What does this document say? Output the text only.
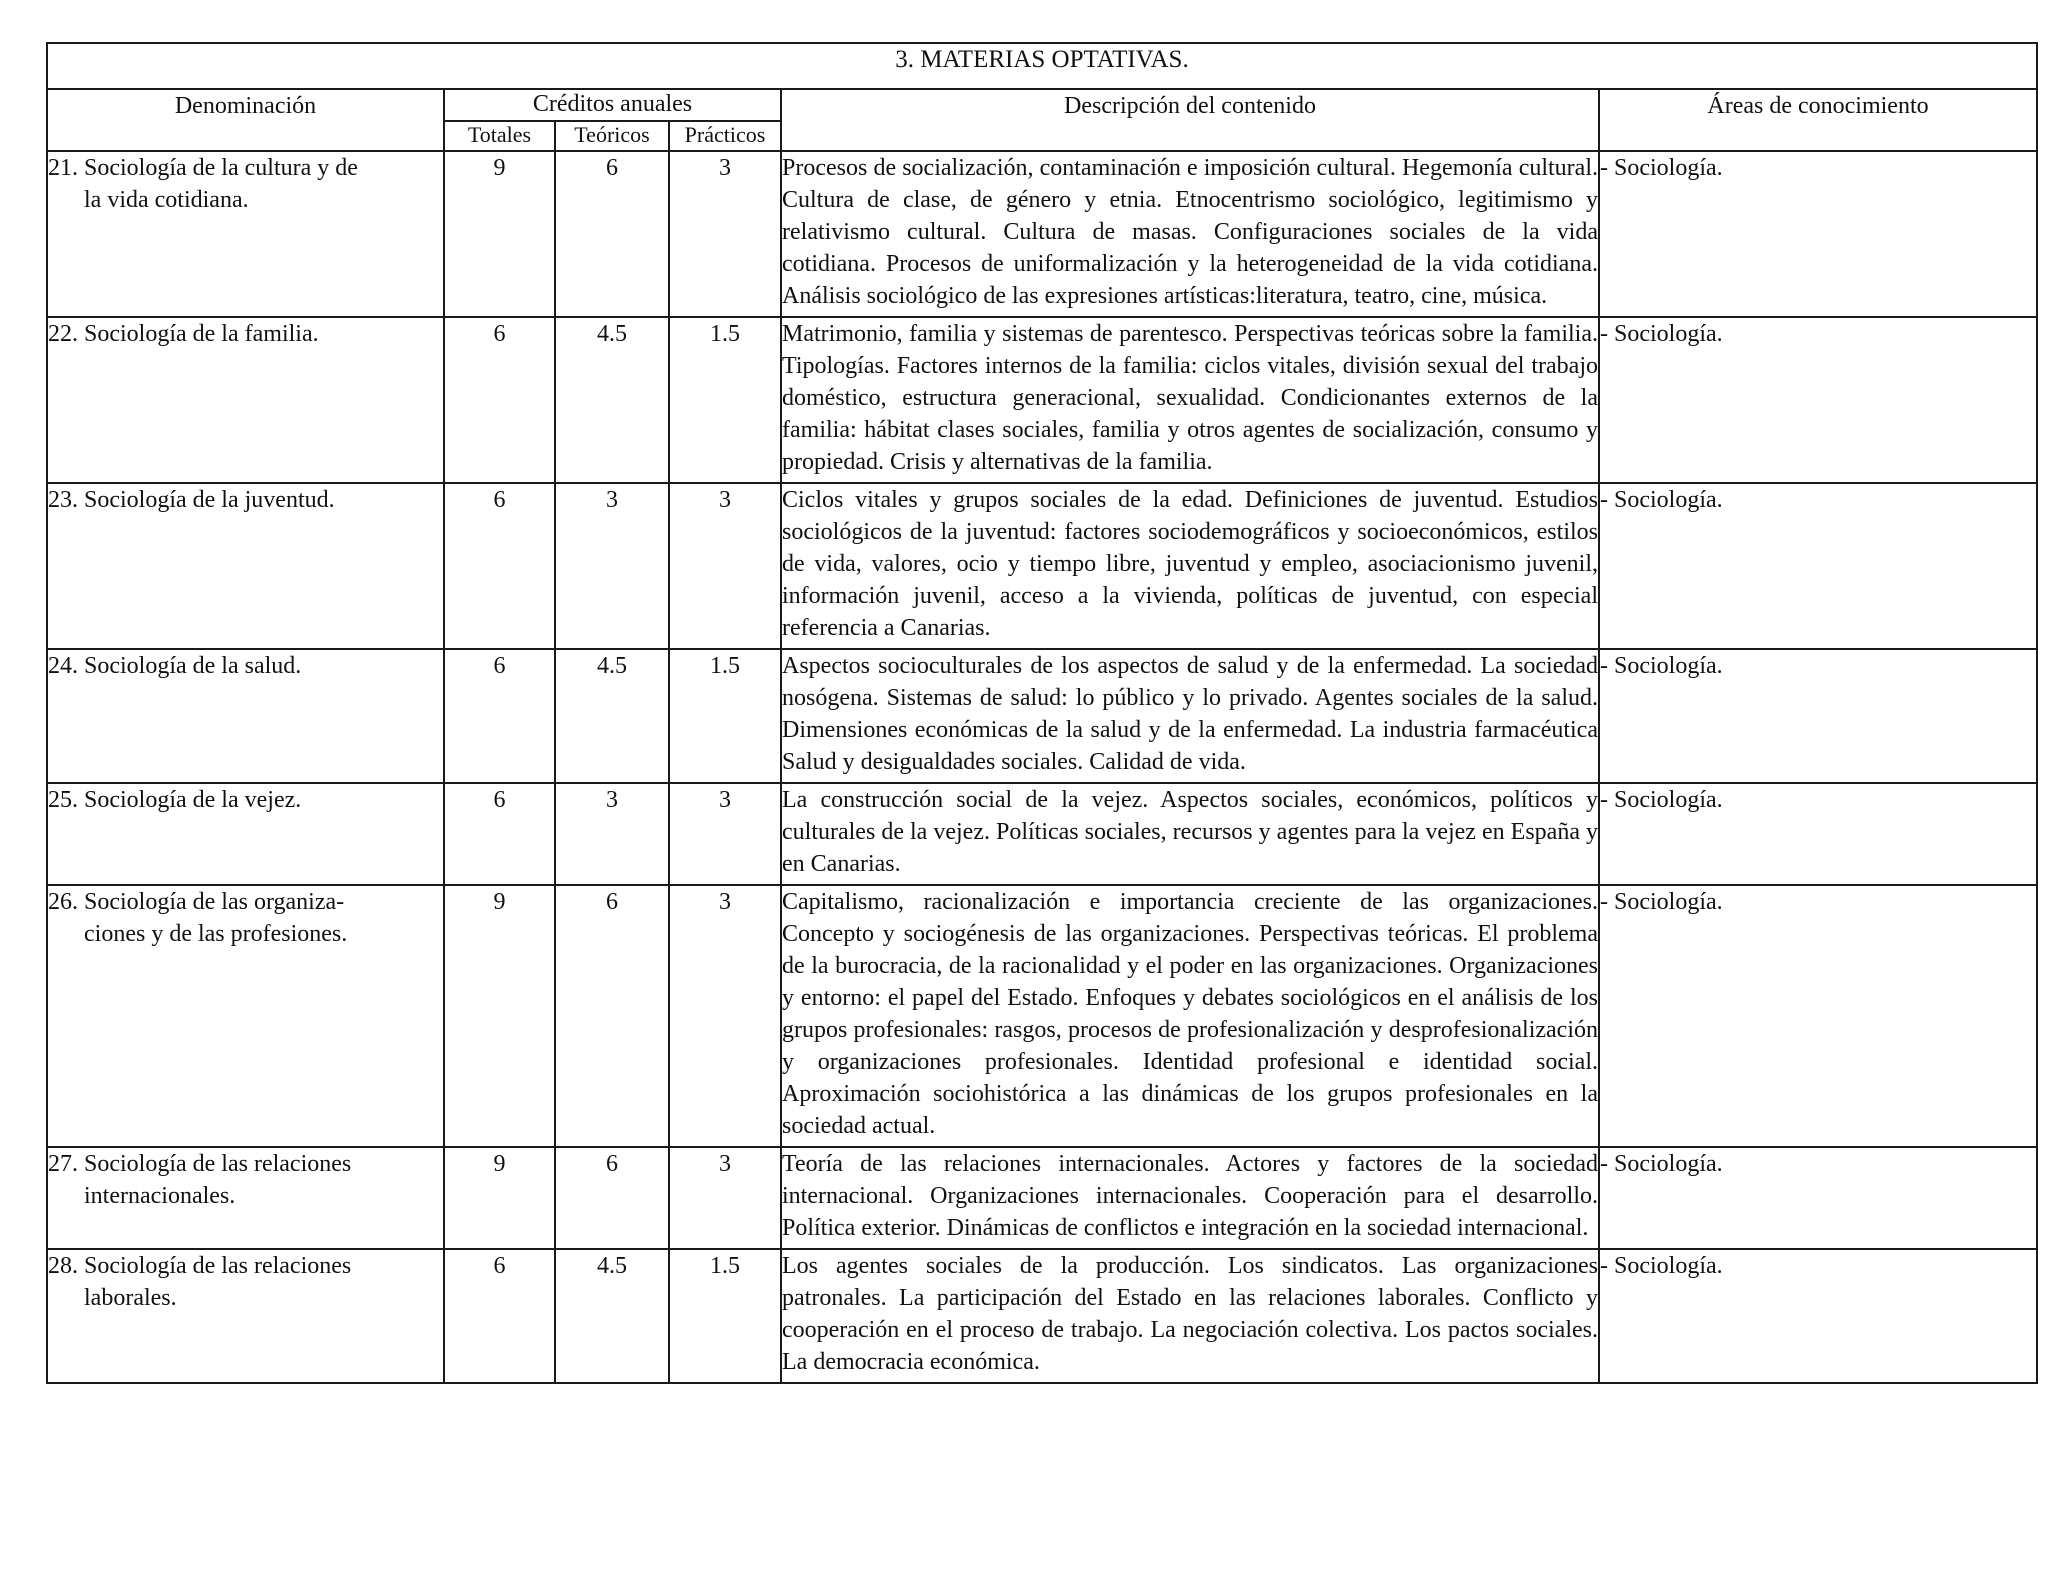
3. MATERIAS OPTATIVAS.					
Denominación	Créditos anuales			Descripción del contenido	Áreas de conocimiento
	Totales	Teóricos	Prácticos		
21. Sociología de la cultura y de
la vida cotidiana.	9	6	3	Procesos de socialización, contaminación e imposición cultural. Hegemonía cultural. Cultura de clase, de género y etnia. Etnocentrismo sociológico, legitimismo y relativismo cultural. Cultura de masas. Configuraciones sociales de la vida cotidiana. Procesos de uniformalización y la heterogeneidad de la vida cotidiana. Análisis sociológico de las expresiones artísticas:literatura, teatro, cine, música.	- Sociología.
22. Sociología de la familia.	6	4.5	1.5	Matrimonio, familia y sistemas de parentesco. Perspectivas teóricas sobre la familia. Tipologías. Factores internos de la familia: ciclos vitales, división sexual del trabajo doméstico, estructura generacional, sexualidad. Condicionantes externos de la familia: hábitat clases sociales, familia y otros agentes de socialización, consumo y propiedad. Crisis y alternativas de la familia.	- Sociología.
23. Sociología de la juventud.	6	3	3	Ciclos vitales y grupos sociales de la edad. Definiciones de juventud. Estudios sociológicos de la juventud: factores sociodemográficos y socioeconómicos, estilos de vida, valores, ocio y tiempo libre, juventud y empleo, asociacionismo juvenil, información juvenil, acceso a la vivienda, políticas de juventud, con especial referencia a Canarias.	- Sociología.
24. Sociología de la salud.	6	4.5	1.5	Aspectos socioculturales de los aspectos de salud y de la enfermedad. La sociedad nosógena. Sistemas de salud: lo público y lo privado. Agentes sociales de la salud. Dimensiones económicas de la salud y de la enfermedad. La industria farmacéutica Salud y desigualdades sociales. Calidad de vida.	- Sociología.
25. Sociología de la vejez.	6	3	3	La construcción social de la vejez. Aspectos sociales, económicos, políticos y culturales de la vejez. Políticas sociales, recursos y agentes para la vejez en España y en Canarias.	- Sociología.
26. Sociología de las organiza-
ciones y de las profesiones.	9	6	3	Capitalismo, racionalización e importancia creciente de las organizaciones. Concepto y sociogénesis de las organizaciones. Perspectivas teóricas. El problema de la burocracia, de la racionalidad y el poder en las organizaciones. Organizaciones y entorno: el papel del Estado. Enfoques y debates sociológicos en el análisis de los grupos profesionales: rasgos, procesos de profesionalización y desprofesionalización y organizaciones profesionales. Identidad profesional e identidad social. Aproximación sociohistórica a las dinámicas de los grupos profesionales en la sociedad actual.	- Sociología.
27. Sociología de las relaciones
internacionales.	9	6	3	Teoría de las relaciones internacionales. Actores y factores de la sociedad internacional. Organizaciones internacionales. Cooperación para el desarrollo. Política exterior. Dinámicas de conflictos e integración en la sociedad internacional.	- Sociología.
28. Sociología de las relaciones
laborales.	6	4.5	1.5	Los agentes sociales de la producción. Los sindicatos. Las organizaciones patronales. La participación del Estado en las relaciones laborales. Conflicto y cooperación en el proceso de trabajo. La negociación colectiva. Los pactos sociales. La democracia económica.	- Sociología.
